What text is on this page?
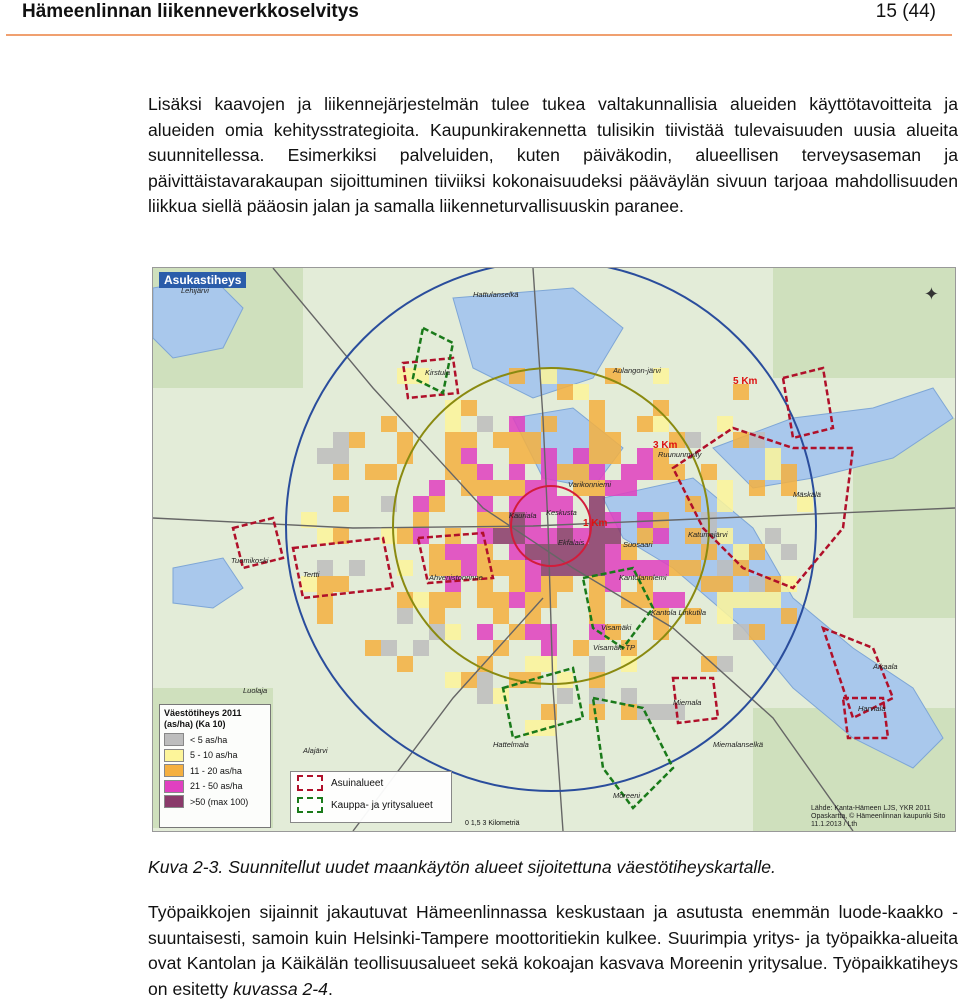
Hämeenlinnan liikenneverkkoselvitys	15 (44)

Lisäksi kaavojen ja liikennejärjestelmän tulee tukea valtakunnallisia alueiden käyttötavoitteita ja alueiden omia kehitysstrategioita. Kaupunkirakennetta tulisikin tiivistää tulevaisuuden uusia alueita suunnitellessa. Esimerkiksi palveluiden, kuten päiväkodin, alueellisen terveysaseman ja päivittäistavarakaupan sijoittuminen tiiviiksi kokonaisuudeksi pääväylän sivuun tarjoaa mahdollisuuden liikkua siellä pääosin jalan ja samalla liikenneturvallisuuskin paranee.

Asukastiheys
✦
1 Km
3 Km
5 Km
Lehijärvi	Hattulanselkä
Kirstula	Aulangon-järvi
Ruununmylly
Varikonniemi
Kauriala Keskusta
Ekfalais	Suosaari
Katumajärvi
Mäskälä
Tuomikoski
Tertti	Ahvenistonrinne	Kantolannlemi
Kantola Linkutila
Visamäki
Visamäki TP
Luolaja
Alajärvi
Hattelmala
Miemala
Harviala
Aikaala
Miemalanselkä
Moreeni
Väestötiheys 2011 (as/ha) (Ka 10)
< 5 as/ha
5 - 10 as/ha
11 - 20 as/ha
21 - 50 as/ha
>50 (max 100)
Asuinalueet
Kauppa- ja yritysalueet
0 1,5 3 Kilometriä
Lähde: Kanta-Hämeen LJS, YKR 2011 Opaskartta, © Hämeenlinnan kaupunki Sito 11.1.2013 / Lth
Kuva 2-3. Suunnitellut uudet maankäytön alueet sijoitettuna väestötiheyskartalle.

Työpaikkojen sijainnit jakautuvat Hämeenlinnassa keskustaan ja asutusta enemmän luode-kaakko -suuntaisesti, samoin kuin Helsinki-Tampere moottoritiekin kulkee. Suurimpia yritys- ja työpaikka-alueita ovat Kantolan ja Käikälän teollisuusalueet sekä kokoajan kasvava Moreenin yritysalue. Työpaikkatiheys on esitetty kuvassa 2-4.
